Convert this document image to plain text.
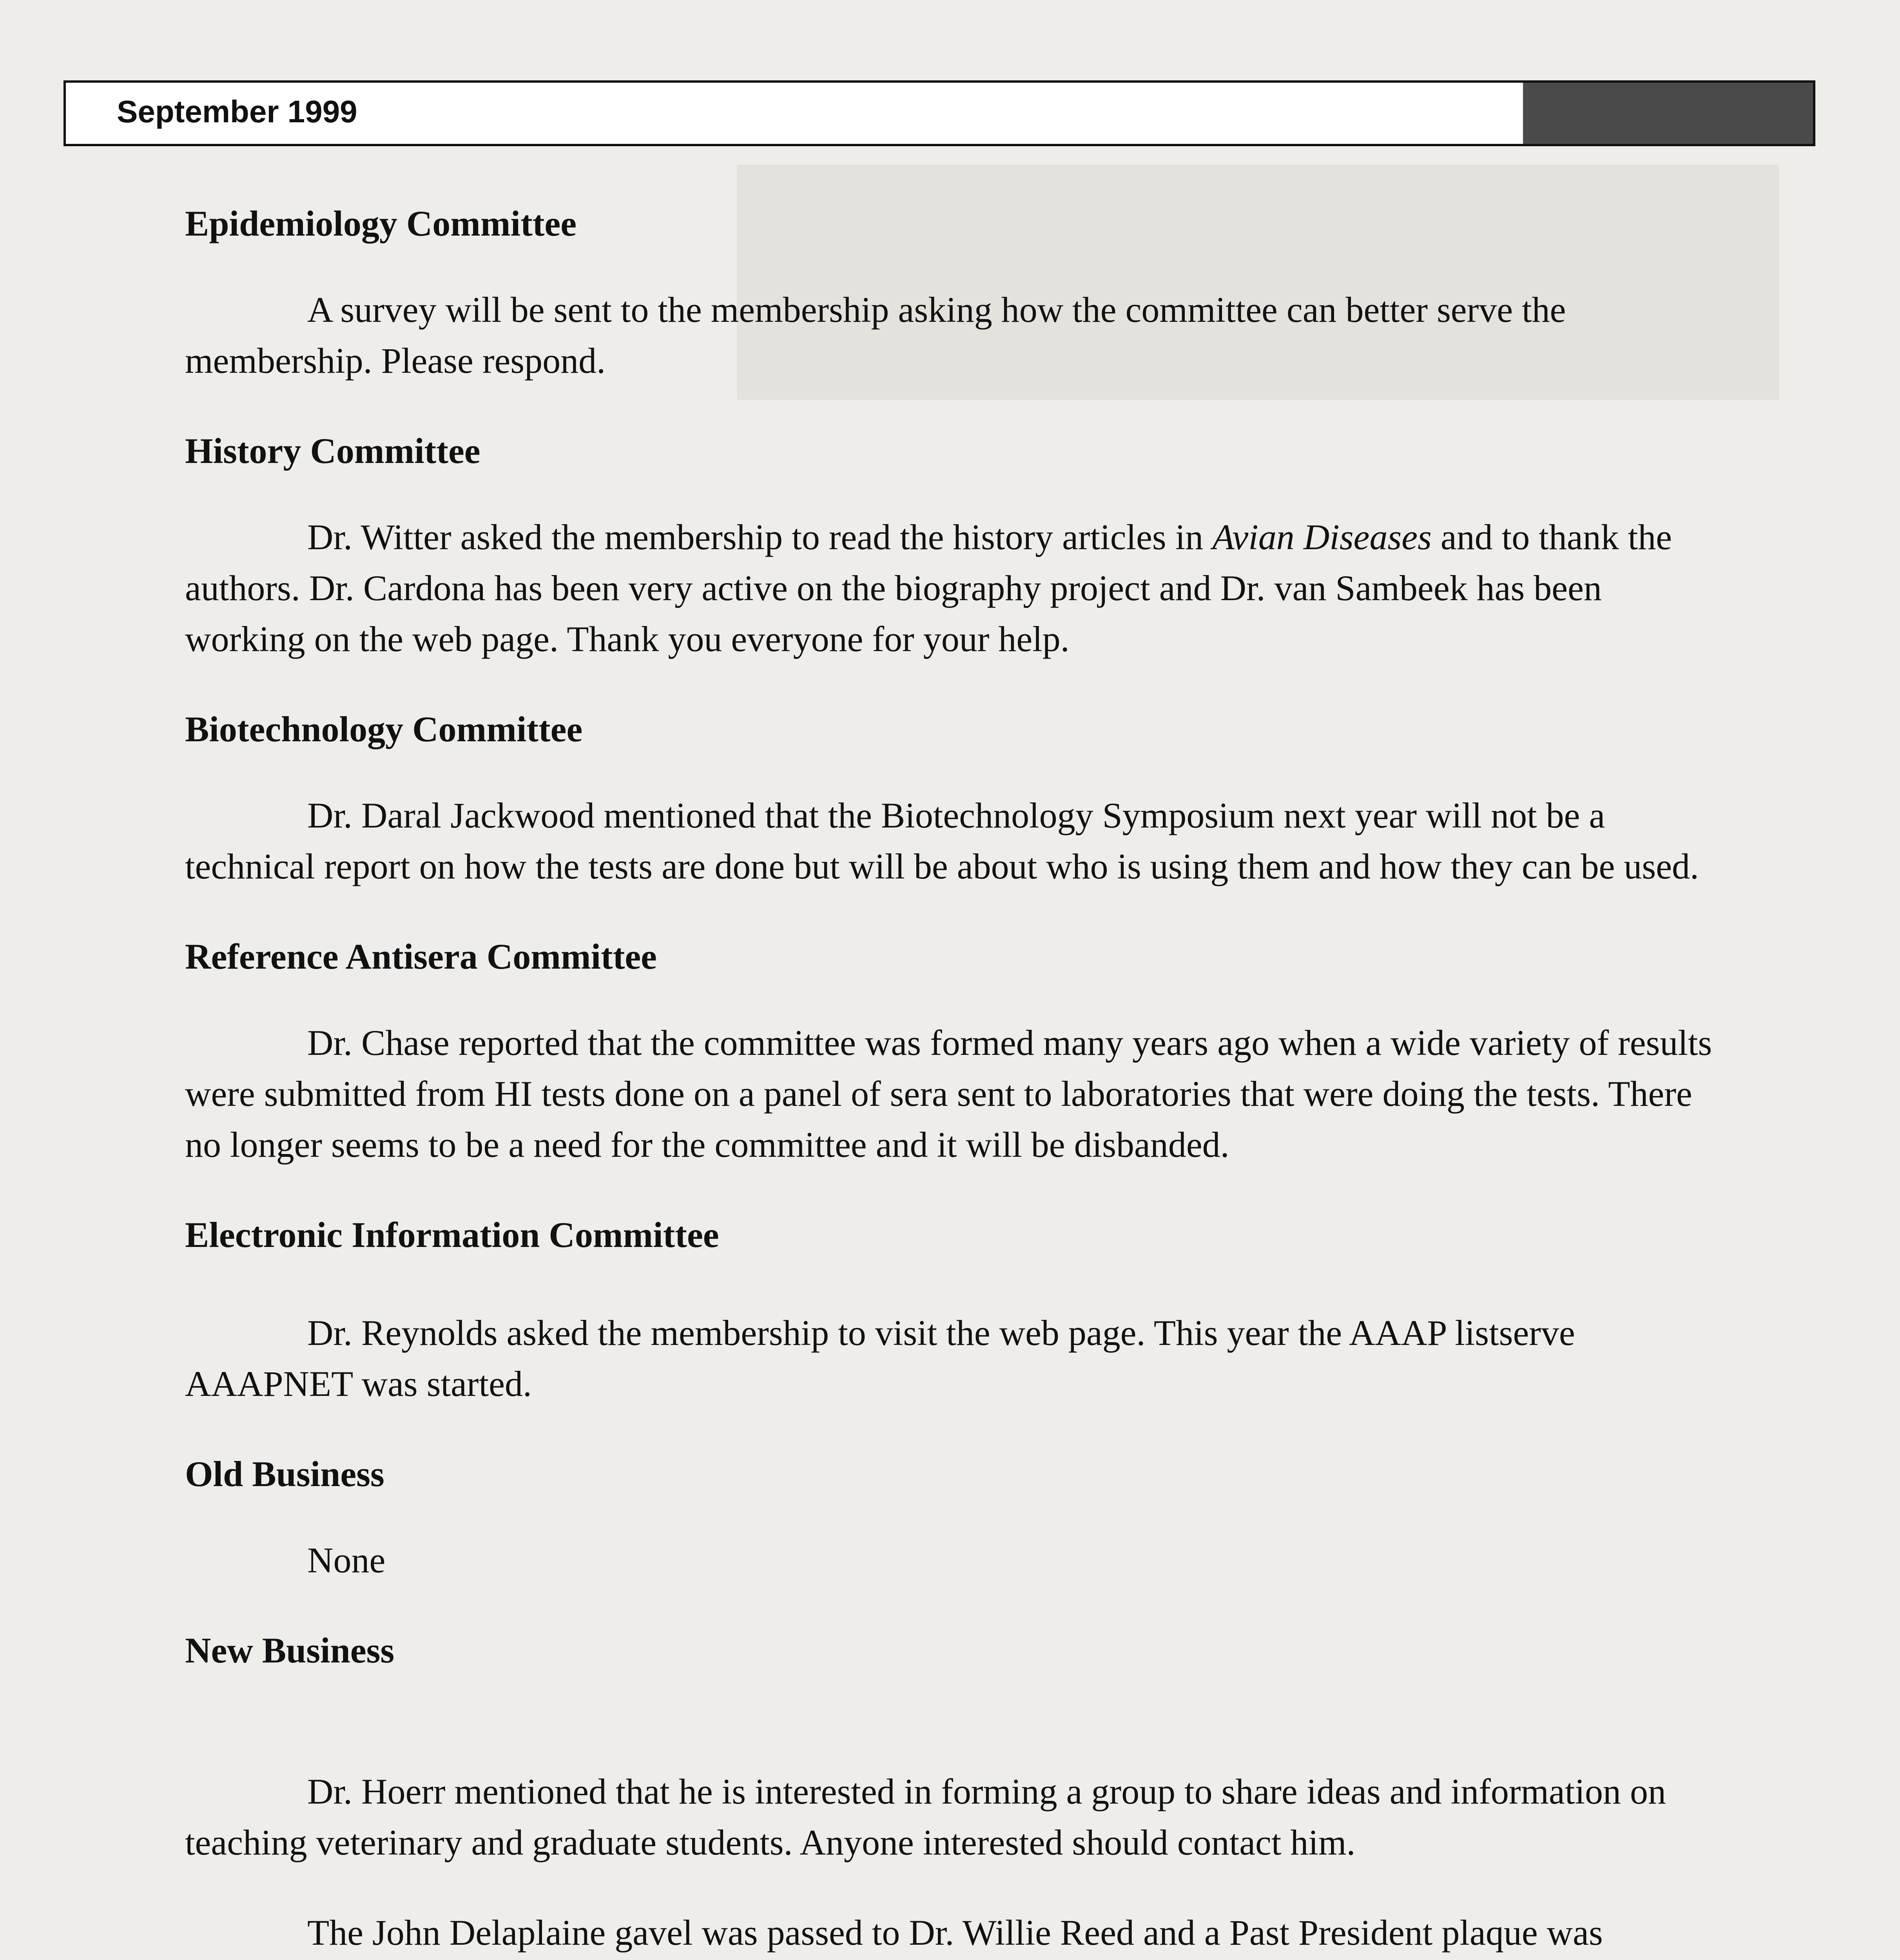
September 1999

Epidemiology Committee

A survey will be sent to the membership asking how the committee can better serve the membership. Please respond.

History Committee

Dr. Witter asked the membership to read the history articles in Avian Diseases and to thank the authors. Dr. Cardona has been very active on the biography project and Dr. van Sambeek has been working on the web page. Thank you everyone for your help.

Biotechnology Committee

Dr. Daral Jackwood mentioned that the Biotechnology Symposium next year will not be a technical report on how the tests are done but will be about who is using them and how they can be used.

Reference Antisera Committee

Dr. Chase reported that the committee was formed many years ago when a wide variety of results were submitted from HI tests done on a panel of sera sent to laboratories that were doing the tests. There no longer seems to be a need for the committee and it will be disbanded.

Electronic Information Committee

Dr. Reynolds asked the membership to visit the web page. This year the AAAP listserve AAAPNET was started.

Old Business

None

New Business

Dr. Hoerr mentioned that he is interested in forming a group to share ideas and information on teaching veterinary and graduate students. Anyone interested should contact him.

The John Delaplaine gavel was passed to Dr. Willie Reed and a Past President plaque was
